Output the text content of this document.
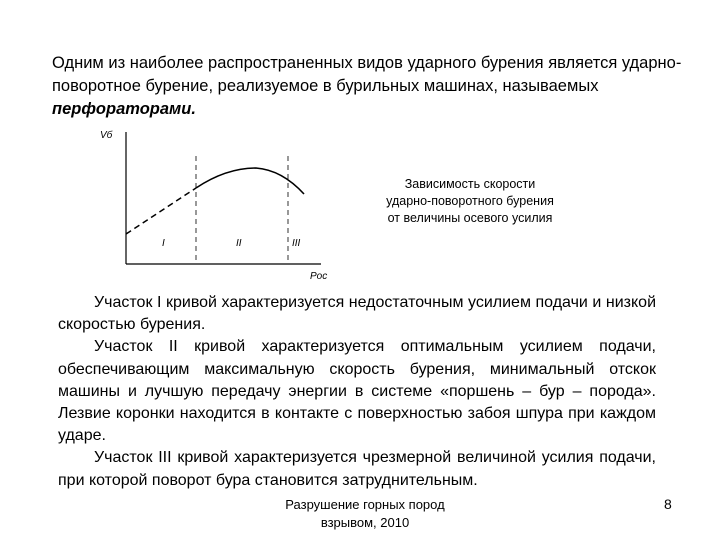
Одним из наиболее распространенных видов ударного бурения является ударно-поворотное бурение, реализуемое в бурильных машинах, называемых перфораторами.

Vб
Pос
I	II	III
Зависимость скорости
ударно-поворотного бурения
от величины осевого усилия

Участок I кривой характеризуется недостаточным усилием подачи и низкой скоростью бурения.

Участок II кривой характеризуется оптимальным усилием подачи, обеспечивающим максимальную скорость бурения, минимальный отскок машины и лучшую передачу энергии в системе «поршень – бур – порода». Лезвие коронки находится в контакте с поверхностью забоя шпура при каждом ударе.

Участок III кривой характеризуется чрезмерной величиной усилия подачи, при которой поворот бура становится затруднительным.

Разрушение горных пород
взрывом, 2010
8
